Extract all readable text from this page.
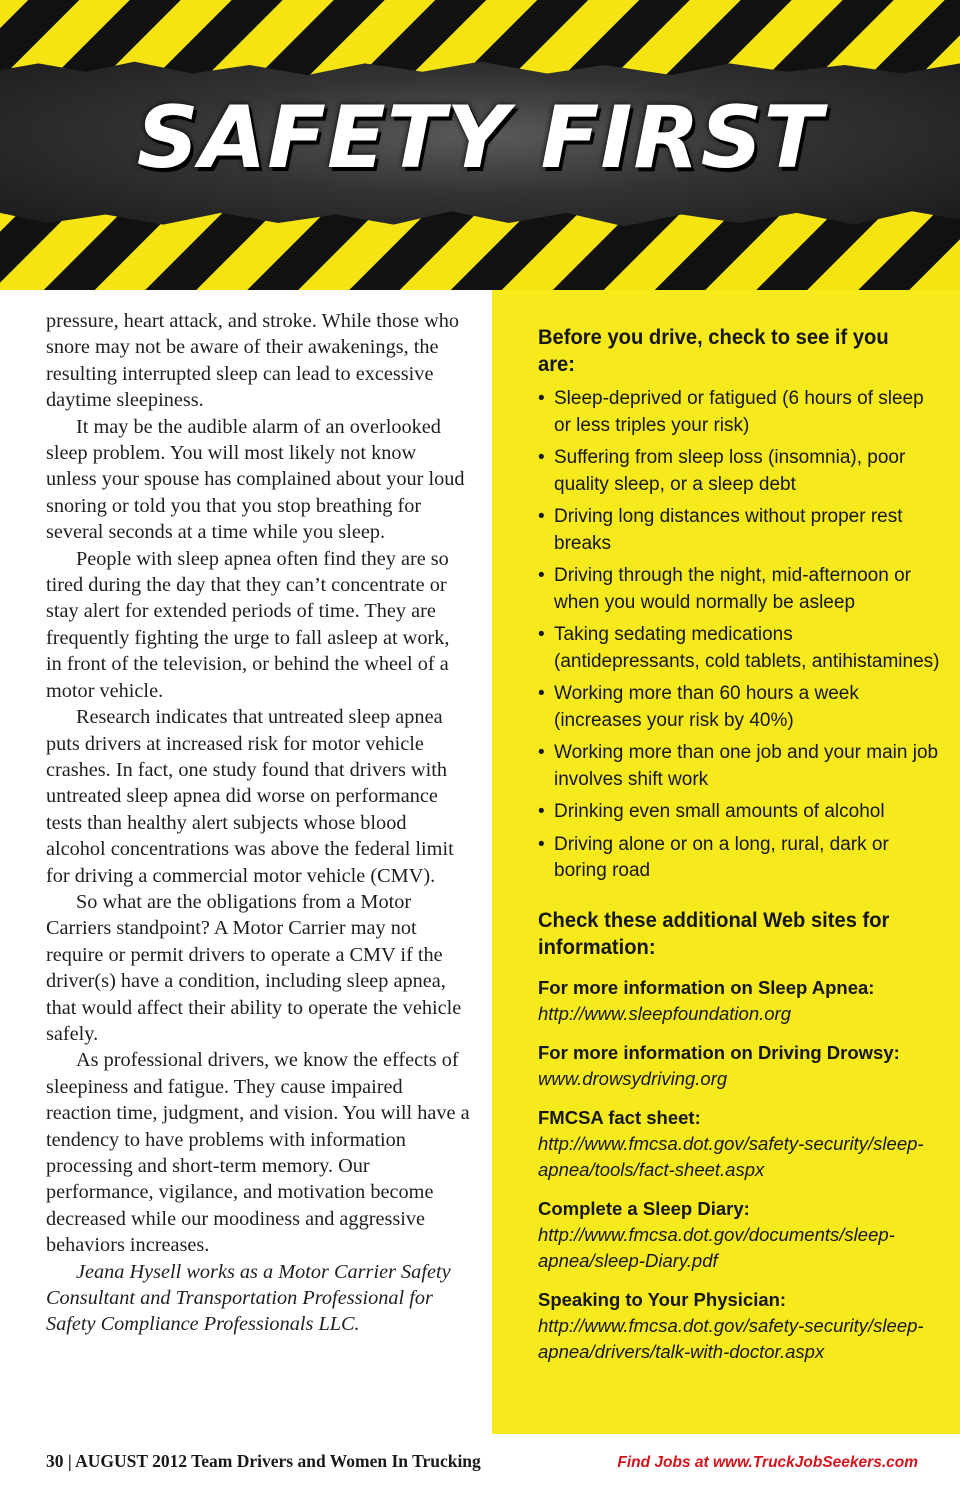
SAFETY FIRST

pressure, heart attack, and stroke. While those who snore may not be aware of their awakenings, the resulting interrupted sleep can lead to excessive daytime sleepiness.

It may be the audible alarm of an overlooked sleep problem. You will most likely not know unless your spouse has complained about your loud snoring or told you that you stop breathing for several seconds at a time while you sleep.

People with sleep apnea often find they are so tired during the day that they can’t concentrate or stay alert for extended periods of time. They are frequently fighting the urge to fall asleep at work, in front of the television, or behind the wheel of a motor vehicle.

Research indicates that untreated sleep apnea puts drivers at increased risk for motor vehicle crashes. In fact, one study found that drivers with untreated sleep apnea did worse on performance tests than healthy alert subjects whose blood alcohol concentrations was above the federal limit for driving a commercial motor vehicle (CMV).

So what are the obligations from a Motor Carriers standpoint? A Motor Carrier may not require or permit drivers to operate a CMV if the driver(s) have a condition, including sleep apnea, that would affect their ability to operate the vehicle safely.

As professional drivers, we know the effects of sleepiness and fatigue. They cause impaired reaction time, judgment, and vision. You will have a tendency to have problems with information processing and short-term memory. Our performance, vigilance, and motivation become decreased while our moodiness and aggressive behaviors increases.

Jeana Hysell works as a Motor Carrier Safety Consultant and Transportation Professional for Safety Compliance Professionals LLC.

Before you drive, check to see if you are:
• Sleep-deprived or fatigued (6 hours of sleep or less triples your risk)
• Suffering from sleep loss (insomnia), poor quality sleep, or a sleep debt
• Driving long distances without proper rest breaks
• Driving through the night, mid-afternoon or when you would normally be asleep
• Taking sedating medications (antidepressants, cold tablets, antihistamines)
• Working more than 60 hours a week (increases your risk by 40%)
• Working more than one job and your main job involves shift work
• Drinking even small amounts of alcohol
• Driving alone or on a long, rural, dark or boring road
Check these additional Web sites for information:
For more information on Sleep Apnea:
http://www.sleepfoundation.org
For more information on Driving Drowsy:
www.drowsydriving.org
FMCSA fact sheet:
http://www.fmcsa.dot.gov/safety-security/sleep-apnea/tools/fact-sheet.aspx
Complete a Sleep Diary:
http://www.fmcsa.dot.gov/documents/sleep-apnea/sleep-Diary.pdf
Speaking to Your Physician:
http://www.fmcsa.dot.gov/safety-security/sleep-apnea/drivers/talk-with-doctor.aspx
30 | AUGUST 2012 Team Drivers and Women In Trucking	Find Jobs at www.TruckJobSeekers.com
